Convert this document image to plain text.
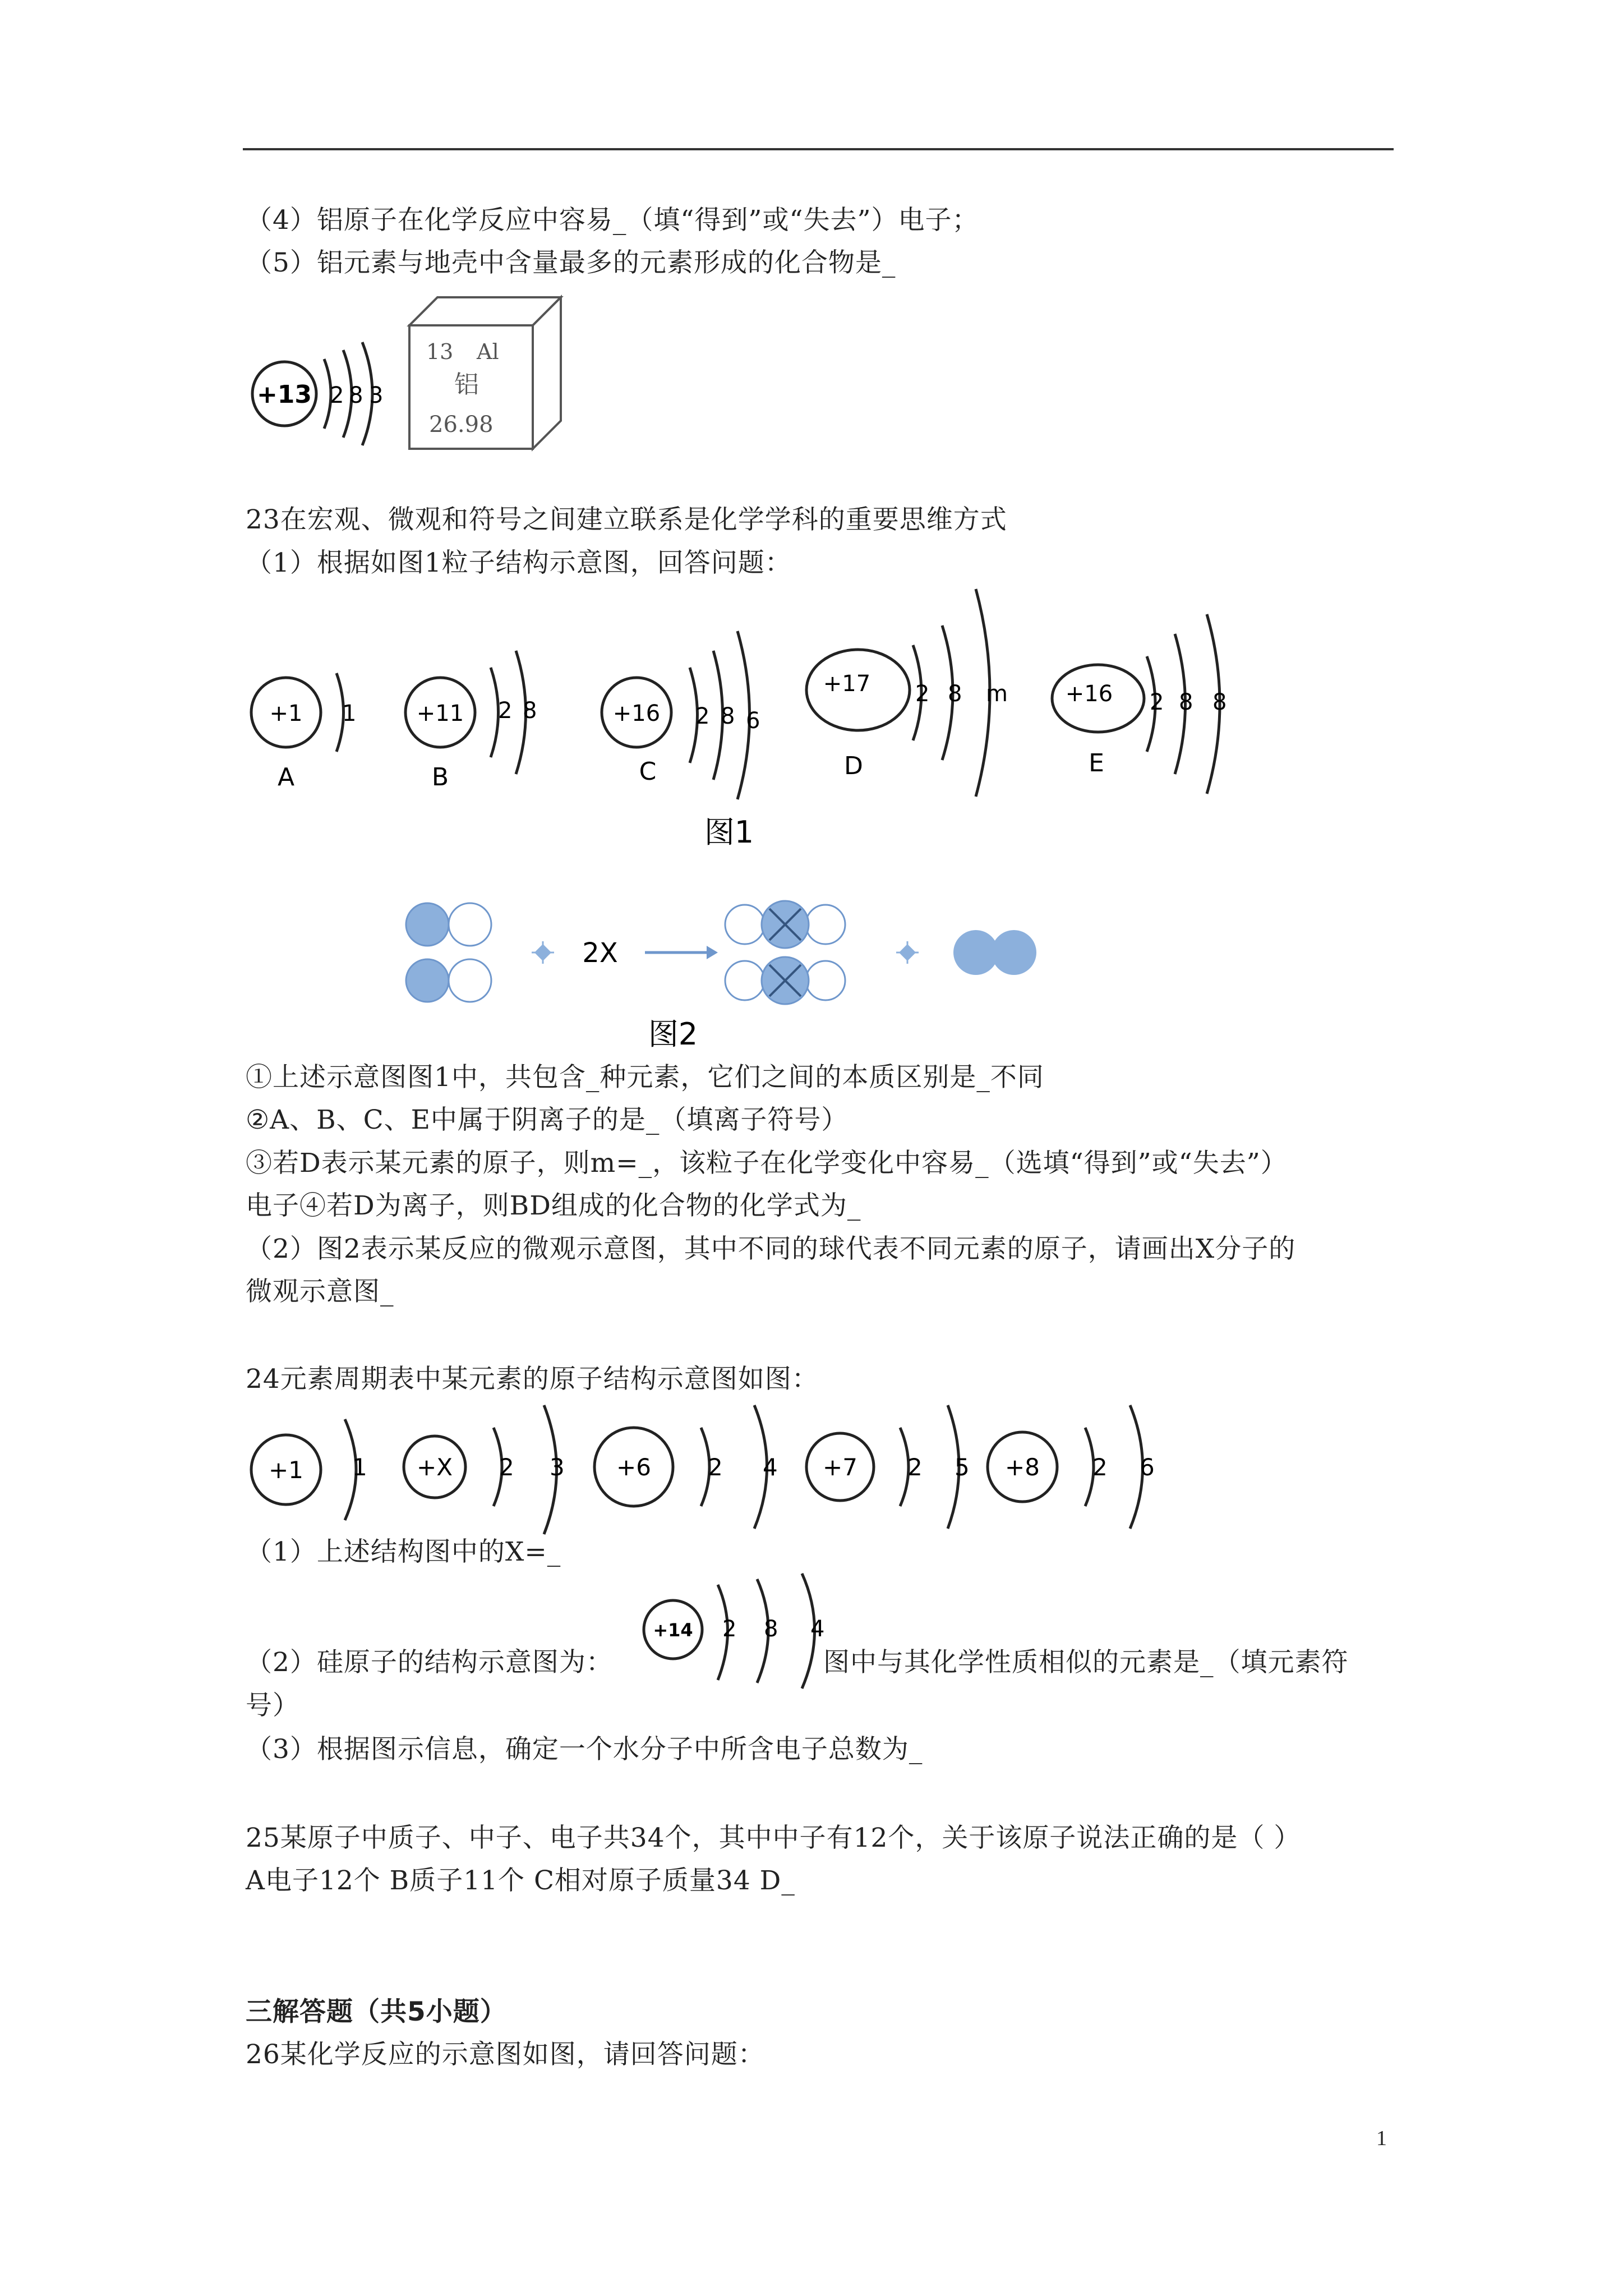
（4）铝原子在化学反应中容易_（填“得到”或“失去”）电子；
（5）铝元素与地壳中含量最多的元素形成的化合物是_
+13 2 8 3
13 Al
铝
26.98
23在宏观、微观和符号之间建立联系是化学学科的重要思维方式
（1）根据如图1粒子结构示意图，回答问题：
+1 1
A
+11 2 8
B
+16 2 8 6
C
+17 2 8 m
D
+16 2 8 8
E
图1
2X
图2
①上述示意图图1中，共包含_种元素，它们之间的本质区别是_不同
②A、B、C、E中属于阴离子的是_（填离子符号）
③若D表示某元素的原子，则m=_，该粒子在化学变化中容易_（选填“得到”或“失去”）
电子④若D为离子，则BD组成的化合物的化学式为_
（2）图2表示某反应的微观示意图，其中不同的球代表不同元素的原子，请画出X分子的
微观示意图_
24元素周期表中某元素的原子结构示意图如图：
+1 1 +X 2 3 +6 2 4 +7 2 5 +8 2 6
（1）上述结构图中的X=_
+14 2 8 4
（2）硅原子的结构示意图为：	图中与其化学性质相似的元素是_（填元素符
号）
（3）根据图示信息，确定一个水分子中所含电子总数为_
25某原子中质子、中子、电子共34个，其中中子有12个，关于该原子说法正确的是（ ）
A电子12个 B质子11个 C相对原子质量34 D_
三解答题（共5小题）
26某化学反应的示意图如图，请回答问题：
1
